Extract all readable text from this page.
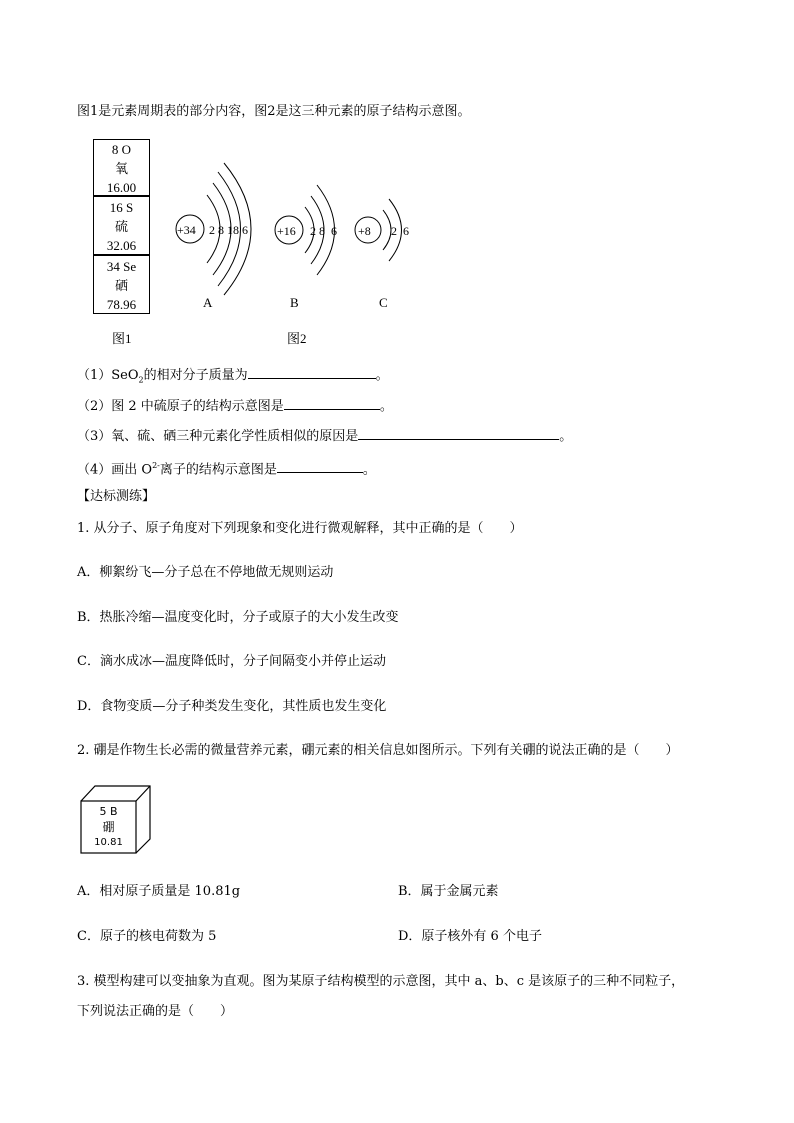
图1是元素周期表的部分内容，图2是这三种元素的原子结构示意图。
8 O
氧
16.00
16 S
硫
32.06
34 Se
硒
78.96
图1
+34 2 8 18 6 +16 2 8  6 +8 2  6
A	B	C
图2
（1）SeO$_2$的相对分子质量为	。
（2）图 2 中硫原子的结构示意图是	。
（3）氧、硫、硒三种元素化学性质相似的原因是	。
（4）画出 $O^{2-}$离子的结构示意图是	。
【达标测练】
1. 从分子、原子角度对下列现象和变化进行微观解释，其中正确的是（　　）
A．柳絮纷飞—分子总在不停地做无规则运动
B．热胀冷缩—温度变化时，分子或原子的大小发生改变
C．滴水成冰—温度降低时，分子间隔变小并停止运动
D．食物变质—分子种类发生变化，其性质也发生变化
2. 硼是作物生长必需的微量营养元素，硼元素的相关信息如图所示。下列有关硼的说法正确的是（　　）
5 B
硼
10.81
A．相对原子质量是 10.81g	B．属于金属元素
C．原子的核电荷数为 5	D．原子核外有 6 个电子
3. 模型构建可以变抽象为直观。图为某原子结构模型的示意图，其中 a、b、c 是该原子的三种不同粒子，
下列说法正确的是（　　）
